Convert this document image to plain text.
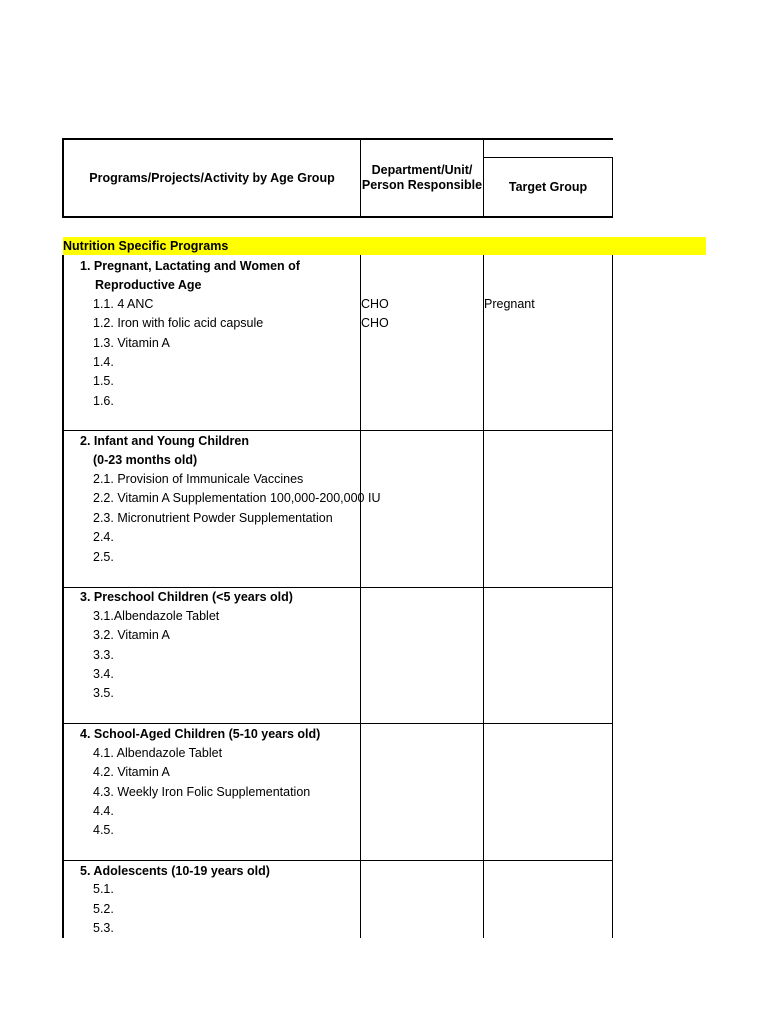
Programs/Projects/Activity by Age Group
Department/Unit/
Person Responsible	Target Group
Nutrition Specific Programs
1. Pregnant, Lactating and Women of
Reproductive Age
1.1. 4 ANC	CHO	Pregnant
1.2. Iron with folic acid capsule	CHO
1.3. Vitamin A
1.4.
1.5.
1.6.
2. Infant and Young Children
(0-23 months old)
2.1. Provision of Immunicale Vaccines
2.2. Vitamin A Supplementation 100,000-200,000 IU
2.3. Micronutrient Powder Supplementation
2.4.
2.5.
3. Preschool Children (<5 years old)
3.1.Albendazole Tablet
3.2. Vitamin A
3.3.
3.4.
3.5.
4. School-Aged Children (5-10 years old)
4.1. Albendazole Tablet
4.2. Vitamin A
4.3. Weekly Iron Folic Supplementation
4.4.
4.5.
5. Adolescents (10-19 years old)
5.1.
5.2.
5.3.
